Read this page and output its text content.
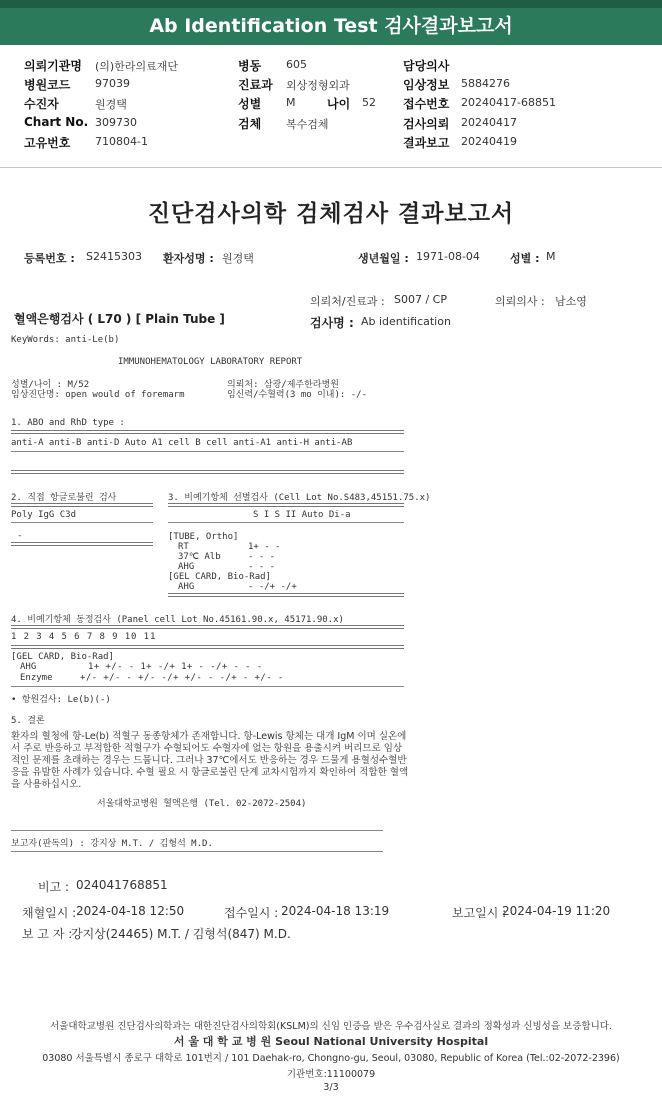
Ab Identification Test 검사결과보고서
의뢰기관명 (의)한라의료재단
병원코드 97039
수진자	원경택
Chart No. 309730
고유번호 710804-1
병동 605
진료과 외상정형외과
성별 M	나이 52
검체 복수검체
담당의사
임상정보 5884276
접수번호 20240417-68851
검사의뢰 20240417
결과보고 20240419
진단검사의학 검체검사 결과보고서
등록번호 : S2415303 환자성명 : 원경택	생년월일 : 1971-08-04	성별 : M
의뢰처/진료과 : S007 / CP	의뢰의사 : 남소영
혈액은행검사 ( L70 ) [ Plain Tube ]	검사명 : Ab identification
KeyWords: anti-Le(b)
IMMUNOHEMATOLOGY LABORATORY REPORT
성별/나이 : M/52	의뢰처: 삼광/제주한라병원
임상진단명: open would of foremarm	임신력/수혈력(3 mo 이내): -/-
1. ABO and RhD type :
anti-A anti-B anti-D Auto A1 cell B cell anti-A1 anti-H anti-AB
2. 직접 항글로불린 검사
Poly IgG C3d
-
3. 비예기항체 선별검사 (Cell Lot No.S483,45151.75.x)
S I S II Auto Di-a
[TUBE, Ortho]
RT	1+ - -
37℃ Alb	- - -
AHG	- - -
[GEL CARD, Bio-Rad]
AHG	- -/+ -/+
4. 비예기항체 동정검사 (Panel cell Lot No.45161.90.x, 45171.90.x)
1 2 3 4 5 6 7 8 9 10 11
[GEL CARD, Bio-Rad]
AHG	1+ +/- - 1+ -/+ 1+ - -/+ - - -
Enzyme	+/- +/- - +/- -/+ +/- - -/+ - +/- -
• 항원검사: Le(b)(-)
5. 결론
환자의 혈청에 항-Le(b) 적혈구 동종항체가 존재합니다. 항-Lewis 항체는 대개 IgM 이며 실온에서 주로 반응하고 부적합한 적혈구가 수혈되어도 수혈자에 없는 항원을 용출시켜 버리므로 임상적인 문제를 초래하는 경우는 드뭅니다. 그러나 37℃에서도 반응하는 경우 드물게 용혈성수혈반응을 유발한 사례가 있습니다. 수혈 필요 시 항글로불린 단계 교차시험까지 확인하여 적합한 혈액을 사용하십시오.
서울대학교병원 혈액은행 (Tel. 02-2072-2504)
보고자(판독의) : 강지상 M.T. / 김형석 M.D.
비고 : 024041768851
채혈일시 : 2024-04-18 12:50	접수일시 : 2024-04-18 13:19	보고일시 :
2024-04-19 11:20
보 고 자 :
강지상(24465) M.T. / 김형석(847) M.D.
서울대학교병원 진단검사의학과는 대한진단검사의학회(KSLM)의 신임 인증을 받은 우수검사실로 결과의 정확성과 신빙성을 보증합니다.
서 울 대 학 교 병 원 Seoul National University Hospital
03080 서울특별시 종로구 대학로 101번지 / 101 Daehak-ro, Chongno-gu, Seoul, 03080, Republic of Korea (Tel.:02-2072-2396)
기관번호:11100079
3/3
